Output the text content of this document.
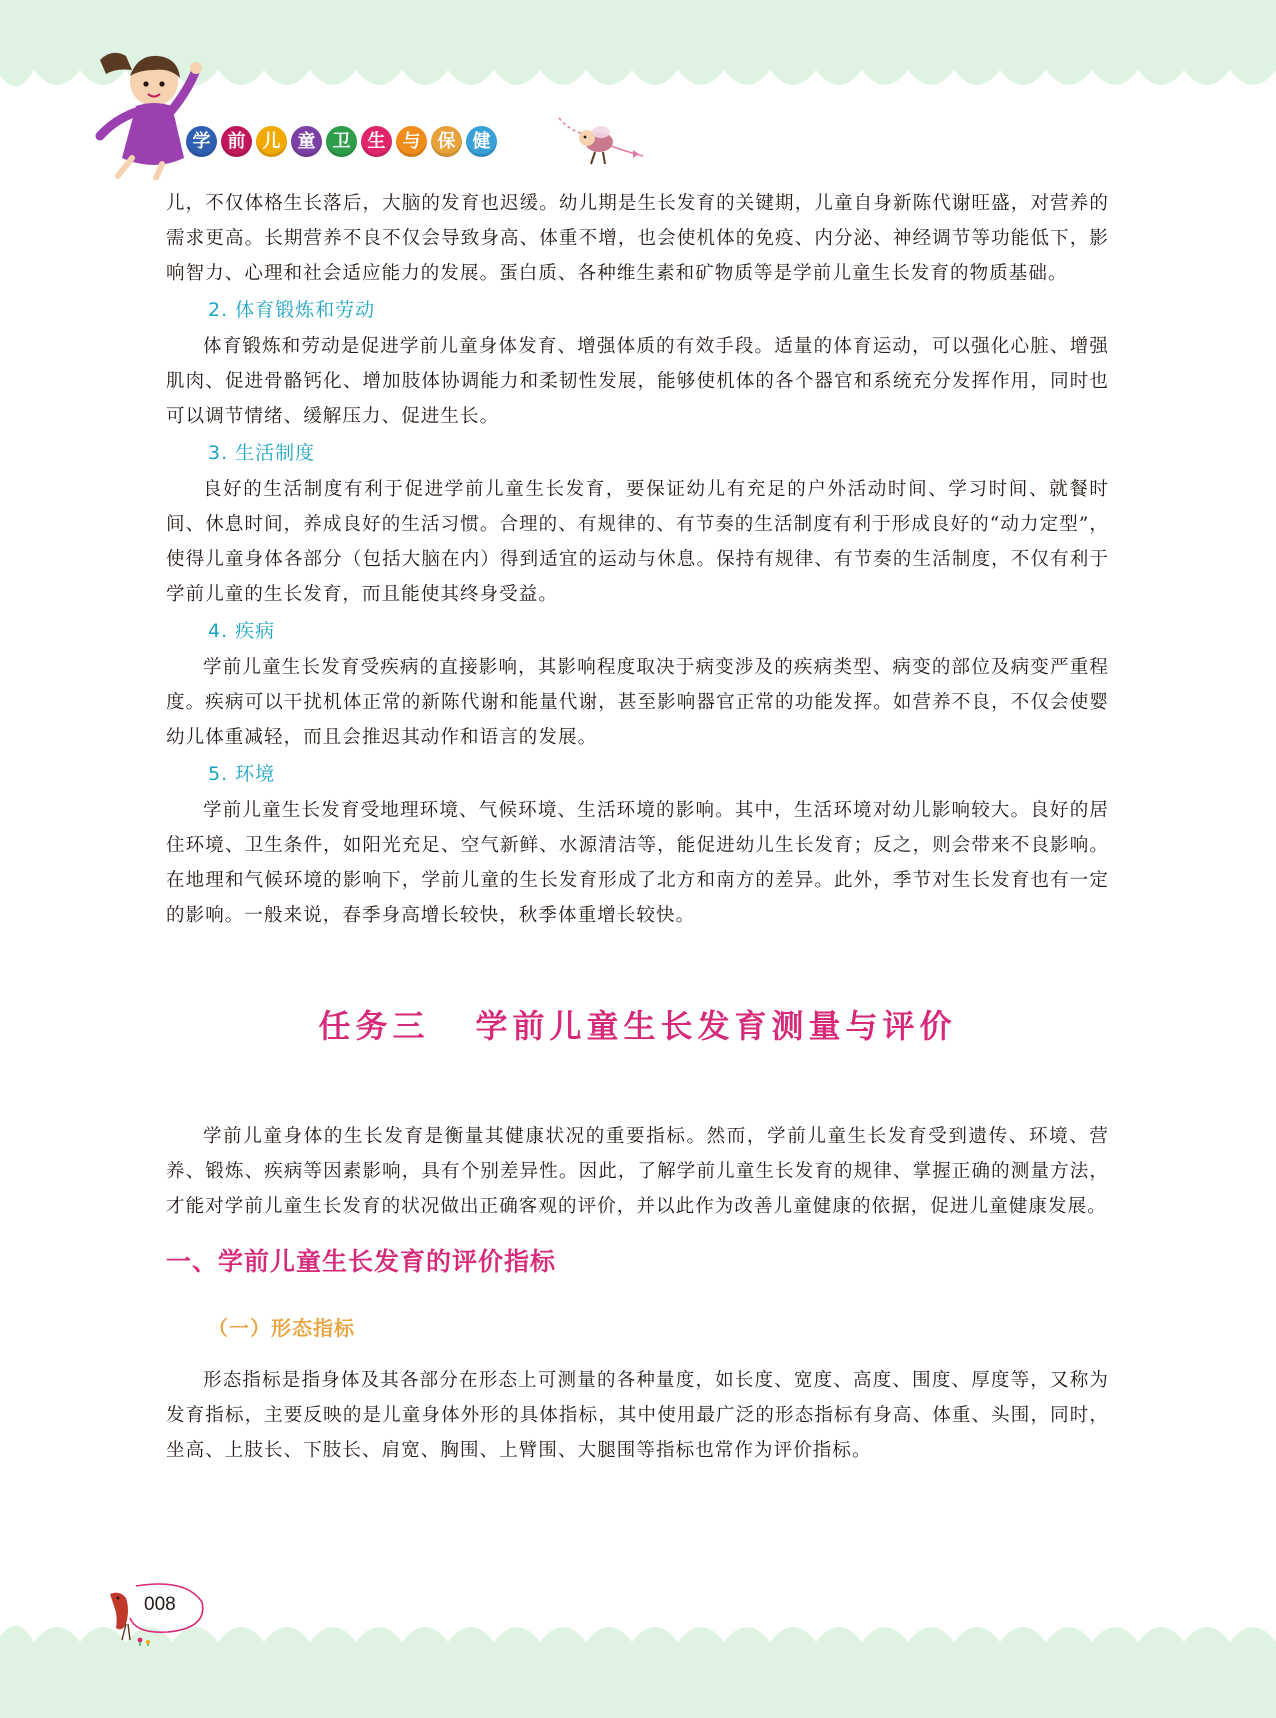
学 前 儿 童 卫 生 与 保 健

儿，不仅体格生长落后，大脑的发育也迟缓。幼儿期是生长发育的关键期，儿童自身新陈代谢旺盛，对营养的需求更高。长期营养不良不仅会导致身高、体重不增，也会使机体的免疫、内分泌、神经调节等功能低下，影响智力、心理和社会适应能力的发展。蛋白质、各种维生素和矿物质等是学前儿童生长发育的物质基础。

2. 体育锻炼和劳动

体育锻炼和劳动是促进学前儿童身体发育、增强体质的有效手段。适量的体育运动，可以强化心脏、增强肌肉、促进骨骼钙化、增加肢体协调能力和柔韧性发展，能够使机体的各个器官和系统充分发挥作用，同时也可以调节情绪、缓解压力、促进生长。

3. 生活制度

良好的生活制度有利于促进学前儿童生长发育，要保证幼儿有充足的户外活动时间、学习时间、就餐时间、休息时间，养成良好的生活习惯。合理的、有规律的、有节奏的生活制度有利于形成良好的“动力定型”，使得儿童身体各部分（包括大脑在内）得到适宜的运动与休息。保持有规律、有节奏的生活制度，不仅有利于学前儿童的生长发育，而且能使其终身受益。

4. 疾病

学前儿童生长发育受疾病的直接影响，其影响程度取决于病变涉及的疾病类型、病变的部位及病变严重程度。疾病可以干扰机体正常的新陈代谢和能量代谢，甚至影响器官正常的功能发挥。如营养不良，不仅会使婴幼儿体重减轻，而且会推迟其动作和语言的发展。

5. 环境

学前儿童生长发育受地理环境、气候环境、生活环境的影响。其中，生活环境对幼儿影响较大。良好的居住环境、卫生条件，如阳光充足、空气新鲜、水源清洁等，能促进幼儿生长发育；反之，则会带来不良影响。在地理和气候环境的影响下，学前儿童的生长发育形成了北方和南方的差异。此外，季节对生长发育也有一定的影响。一般来说，春季身高增长较快，秋季体重增长较快。

任务三 学前儿童生长发育测量与评价

学前儿童身体的生长发育是衡量其健康状况的重要指标。然而，学前儿童生长发育受到遗传、环境、营养、锻炼、疾病等因素影响，具有个别差异性。因此，了解学前儿童生长发育的规律、掌握正确的测量方法，才能对学前儿童生长发育的状况做出正确客观的评价，并以此作为改善儿童健康的依据，促进儿童健康发展。

一、学前儿童生长发育的评价指标
（一）形态指标

形态指标是指身体及其各部分在形态上可测量的各种量度，如长度、宽度、高度、围度、厚度等，又称为发育指标，主要反映的是儿童身体外形的具体指标，其中使用最广泛的形态指标有身高、体重、头围，同时，坐高、上肢长、下肢长、肩宽、胸围、上臂围、大腿围等指标也常作为评价指标。

008
